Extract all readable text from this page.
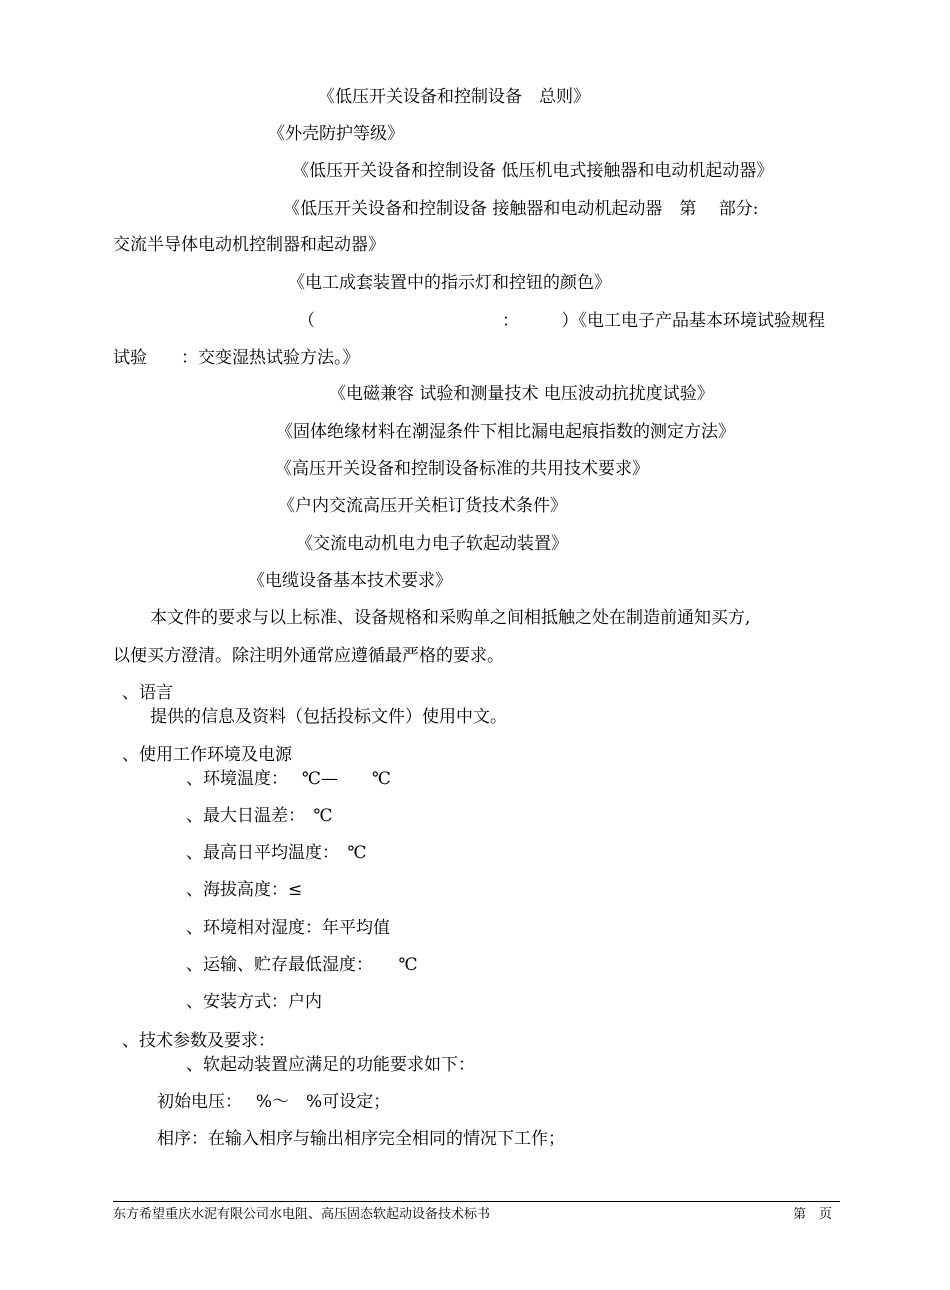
《低压开关设备和控制设备　总则》
《外壳防护等级》
《低压开关设备和控制设备 低压机电式接触器和电动机起动器》
《低压开关设备和控制设备 接触器和电动机起动器　第　 部分:
交流半导体电动机控制器和起动器》
《电工成套装置中的指示灯和控钮的颜色》
（　　　　　　　　　　　：　　　）《电工电子产品基本环境试验规程
试验　　：交变湿热试验方法。》
《电磁兼容 试验和测量技术 电压波动抗扰度试验》
《固体绝缘材料在潮湿条件下相比漏电起痕指数的测定方法》
《高压开关设备和控制设备标准的共用技术要求》
《户内交流高压开关柜订货技术条件》
《交流电动机电力电子软起动装置》
《电缆设备基本技术要求》
本文件的要求与以上标准、设备规格和采购单之间相抵触之处在制造前通知买方,
以便买方澄清。除注明外通常应遵循最严格的要求。
、语言
提供的信息及资料（包括投标文件）使用中文。
、使用工作环境及电源
、环境温度：　 ℃—　　℃
、最大日温差：　℃
、最高日平均温度：　℃
、海拔高度：≤
、环境相对湿度：年平均值
、运输、贮存最低湿度：　　℃
、安装方式：户内
、技术参数及要求：
、软起动装置应满足的功能要求如下：
初始电压：　 %～　%可设定；
相序：在输入相序与输出相序完全相同的情况下工作；
东方希望重庆水泥有限公司水电阻、高压固态软起动设备技术标书	第　页
